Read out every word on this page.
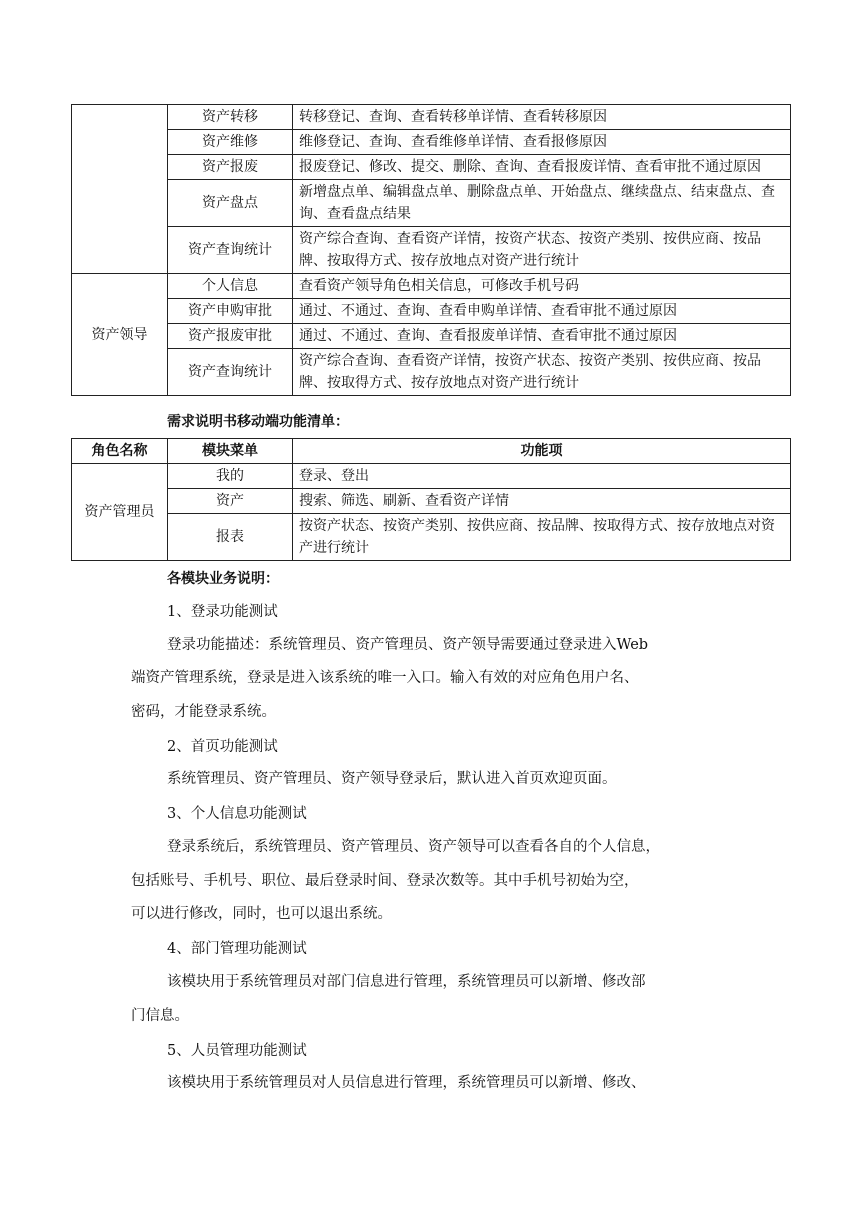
	资产转移	转移登记、查询、查看转移单详情、查看转移原因
	资产维修	维修登记、查询、查看维修单详情、查看报修原因
	资产报废	报废登记、修改、提交、删除、查询、查看报废详情、查看审批不通过原因
	资产盘点	新增盘点单、编辑盘点单、删除盘点单、开始盘点、继续盘点、结束盘点、查询、查看盘点结果
	资产查询统计	资产综合查询、查看资产详情，按资产状态、按资产类别、按供应商、按品牌、按取得方式、按存放地点对资产进行统计
资产领导	个人信息	查看资产领导角色相关信息，可修改手机号码
	资产申购审批	通过、不通过、查询、查看申购单详情、查看审批不通过原因
	资产报废审批	通过、不通过、查询、查看报废单详情、查看审批不通过原因
	资产查询统计	资产综合查询、查看资产详情，按资产状态、按资产类别、按供应商、按品牌、按取得方式、按存放地点对资产进行统计
需求说明书移动端功能清单：
角色名称	模块菜单	功能项
资产管理员	我的	登录、登出
	资产	搜索、筛选、刷新、查看资产详情
	报表	按资产状态、按资产类别、按供应商、按品牌、按取得方式、按存放地点对资产进行统计
各模块业务说明：
1、登录功能测试
登录功能描述：系统管理员、资产管理员、资产领导需要通过登录进入Web
端资产管理系统，登录是进入该系统的唯一入口。输入有效的对应角色用户名、
密码，才能登录系统。
2、首页功能测试
系统管理员、资产管理员、资产领导登录后，默认进入首页欢迎页面。
3、个人信息功能测试
登录系统后，系统管理员、资产管理员、资产领导可以查看各自的个人信息，
包括账号、手机号、职位、最后登录时间、登录次数等。其中手机号初始为空，
可以进行修改，同时，也可以退出系统。
4、部门管理功能测试
该模块用于系统管理员对部门信息进行管理，系统管理员可以新增、修改部
门信息。
5、人员管理功能测试
该模块用于系统管理员对人员信息进行管理，系统管理员可以新增、修改、
